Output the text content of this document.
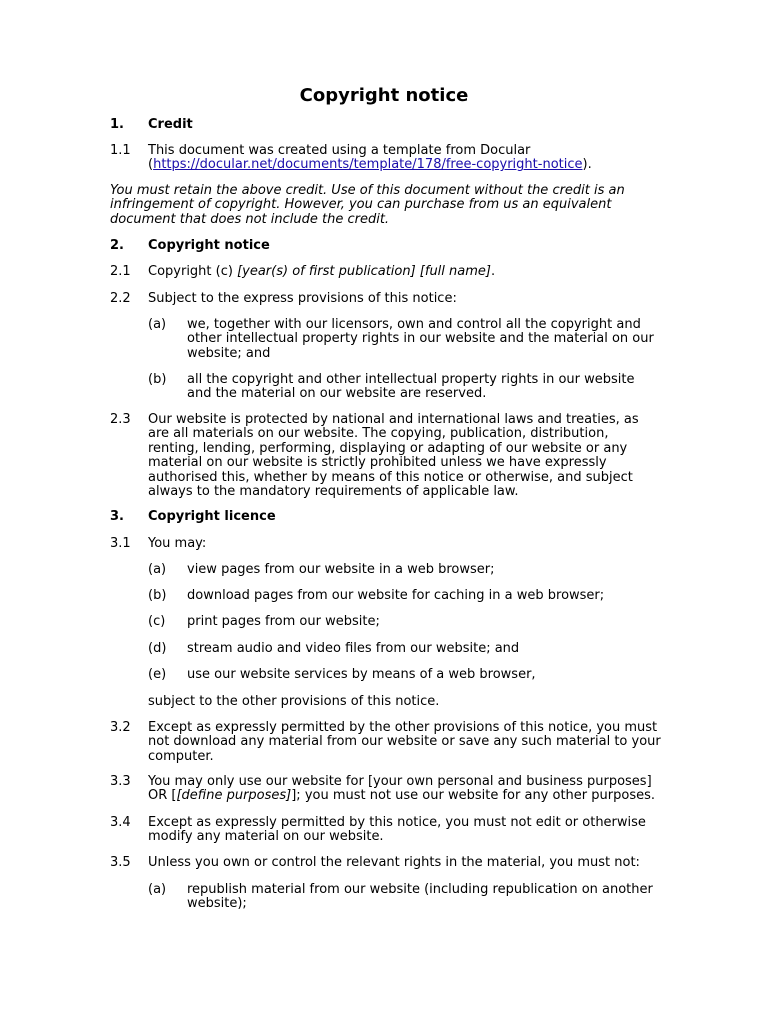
Copyright notice
1. Credit
1.1 This document was created using a template from Docular
(https://docular.net/documents/template/178/free-copyright-notice).
You must retain the above credit. Use of this document without the credit is an
infringement of copyright. However, you can purchase from us an equivalent
document that does not include the credit.
2. Copyright notice
2.1 Copyright (c) [year(s) of first publication] [full name].
2.2 Subject to the express provisions of this notice:
(a) we, together with our licensors, own and control all the copyright and
other intellectual property rights in our website and the material on our
website; and
(b) all the copyright and other intellectual property rights in our website
and the material on our website are reserved.
2.3 Our website is protected by national and international laws and treaties, as
are all materials on our website. The copying, publication, distribution,
renting, lending, performing, displaying or adapting of our website or any
material on our website is strictly prohibited unless we have expressly
authorised this, whether by means of this notice or otherwise, and subject
always to the mandatory requirements of applicable law.
3. Copyright licence
3.1 You may:
(a) view pages from our website in a web browser;
(b) download pages from our website for caching in a web browser;
(c) print pages from our website;
(d) stream audio and video files from our website; and
(e) use our website services by means of a web browser,
subject to the other provisions of this notice.
3.2 Except as expressly permitted by the other provisions of this notice, you must
not download any material from our website or save any such material to your
computer.
3.3 You may only use our website for [your own personal and business purposes]
OR [[define purposes]]; you must not use our website for any other purposes.
3.4 Except as expressly permitted by this notice, you must not edit or otherwise
modify any material on our website.
3.5 Unless you own or control the relevant rights in the material, you must not:
(a) republish material from our website (including republication on another
website);
